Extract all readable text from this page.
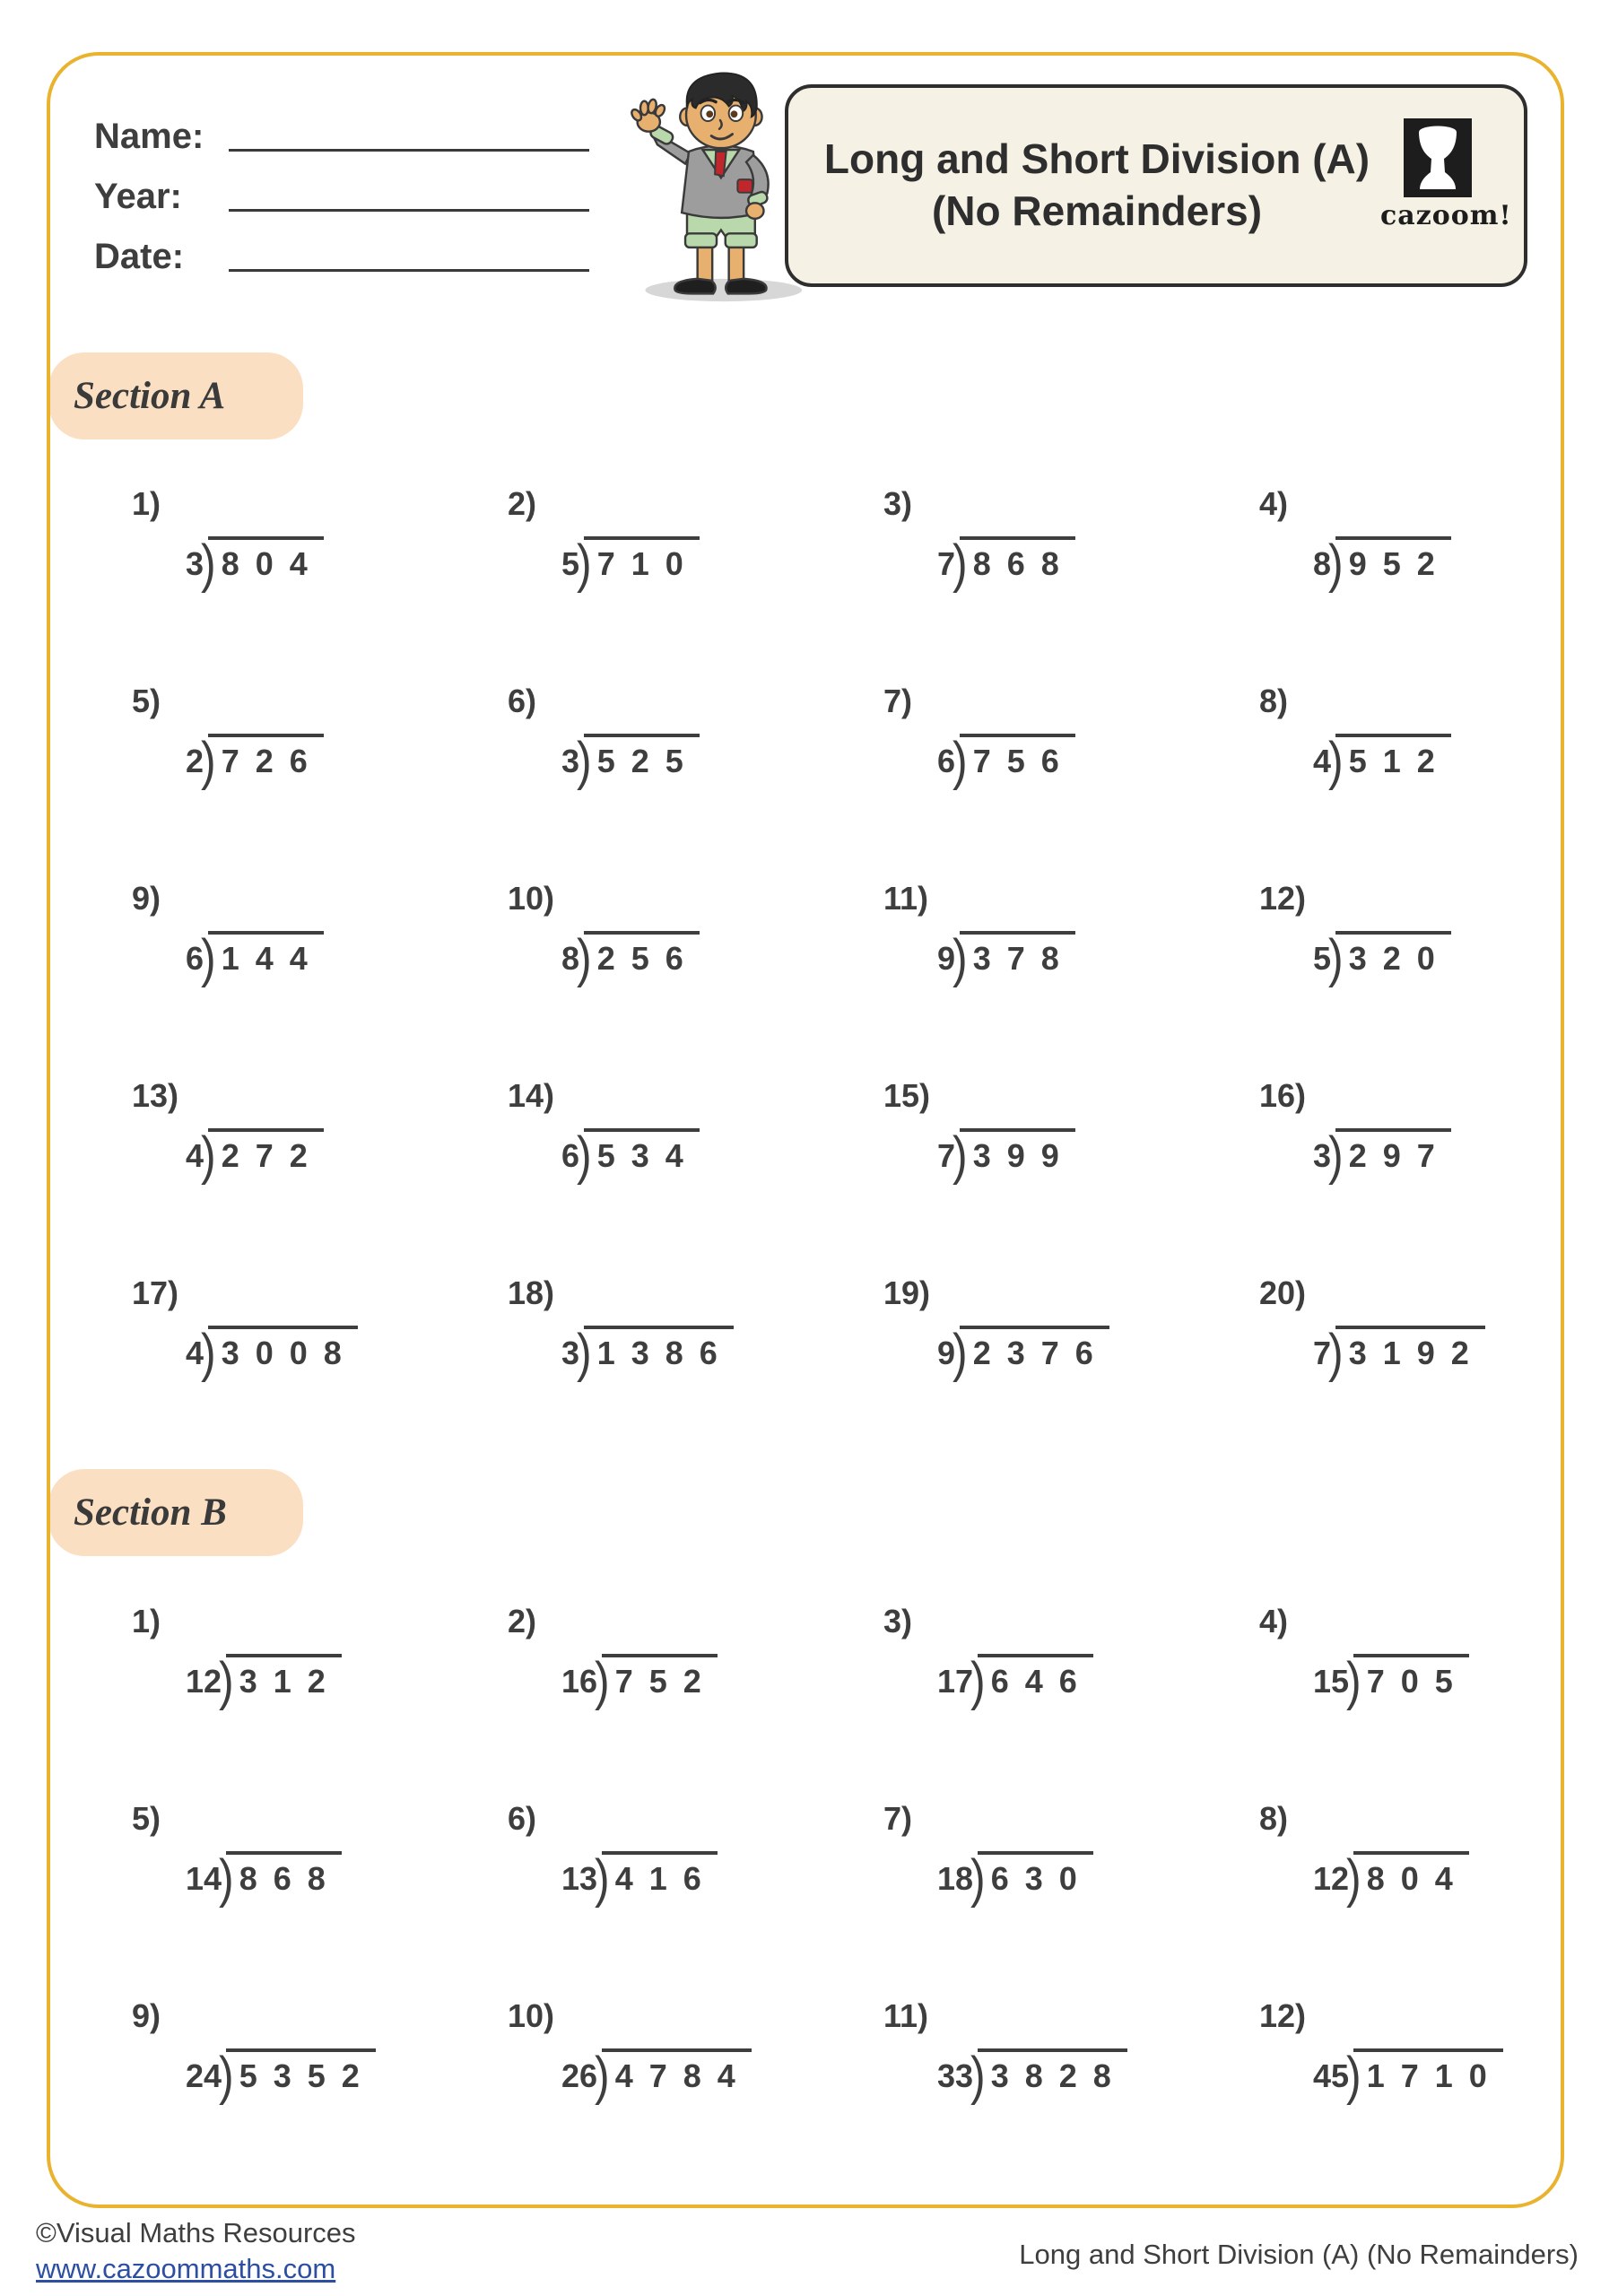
Name:
Year:
Date:
Long and Short Division (A)
(No Remainders)	cazoom!
Section A
Section B
1)
3
) 804
2)
5
) 710
3)
7
) 868
4)
8
) 952
5)
2
) 726
6)
3
) 525
7)
6
) 756
8)
4
) 512
9)
6
) 144
10)
8
) 256
11)
9
) 378
12)
5
) 320
13)
4
) 272
14)
6
) 534
15)
7
) 399
16)
3
) 297
17)
4
) 3008
18)
3
) 1386
19)
9
) 2376
20)
7
) 3192
1)
12
) 312
2)
16
) 752
3)
17
) 646
4)
15
) 705
5)
14
) 868
6)
13
) 416
7)
18
) 630
8)
12
) 804
9)
24
) 5352
10)
26
) 4784
11)
33
) 3828
12)
45
) 1710
©Visual Maths Resources
www.cazoommaths.com	Long and Short Division (A) (No Remainders)
